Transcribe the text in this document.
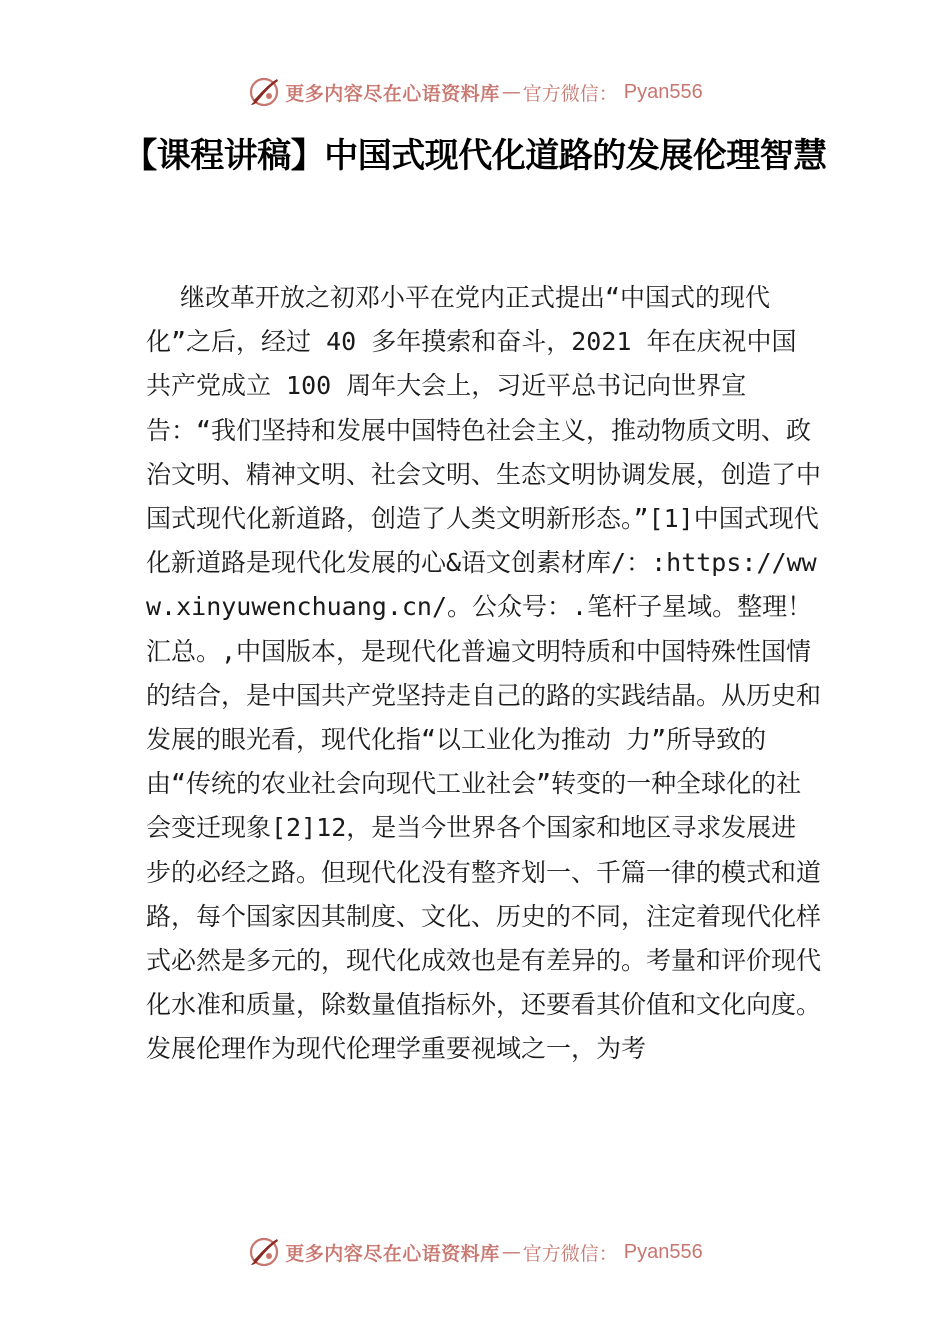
更多内容尽在心语资料库 — 官方微信： Pyan556
【课程讲稿】中国式现代化道路的发展伦理智慧

继改革开放之初邓小平在党内正式提出“中国式的现代化”之后，经过 40 多年摸索和奋斗，2021 年在庆祝中国共产党成立 100 周年大会上，习近平总书记向世界宣告：“我们坚持和发展中国特色社会主义，推动物质文明、政治文明、精神文明、社会文明、生态文明协调发展，创造了中国式现代化新道路，创造了人类文明新形态。”[1]中国式现代化新道路是现代化发展的心&语文创素材库/：:https://www.xinyuwenchuang.cn/。公众号：.笔杆子星域。整理！汇总。,中国版本，是现代化普遍文明特质和中国特殊性国情的结合，是中国共产党坚持走自己的路的实践结晶。从历史和发展的眼光看，现代化指“以工业化为推动 力”所导致的由“传统的农业社会向现代工业社会”转变的一种全球化的社会变迁现象[2]12，是当今世界各个国家和地区寻求发展进步的必经之路。但现代化没有整齐划一、千篇一律的模式和道路，每个国家因其制度、文化、历史的不同，注定着现代化样式必然是多元的，现代化成效也是有差异的。考量和评价现代化水准和质量，除数量值指标外，还要看其价值和文化向度。发展伦理作为现代伦理学重要视域之一，为考

更多内容尽在心语资料库 — 官方微信： Pyan556
